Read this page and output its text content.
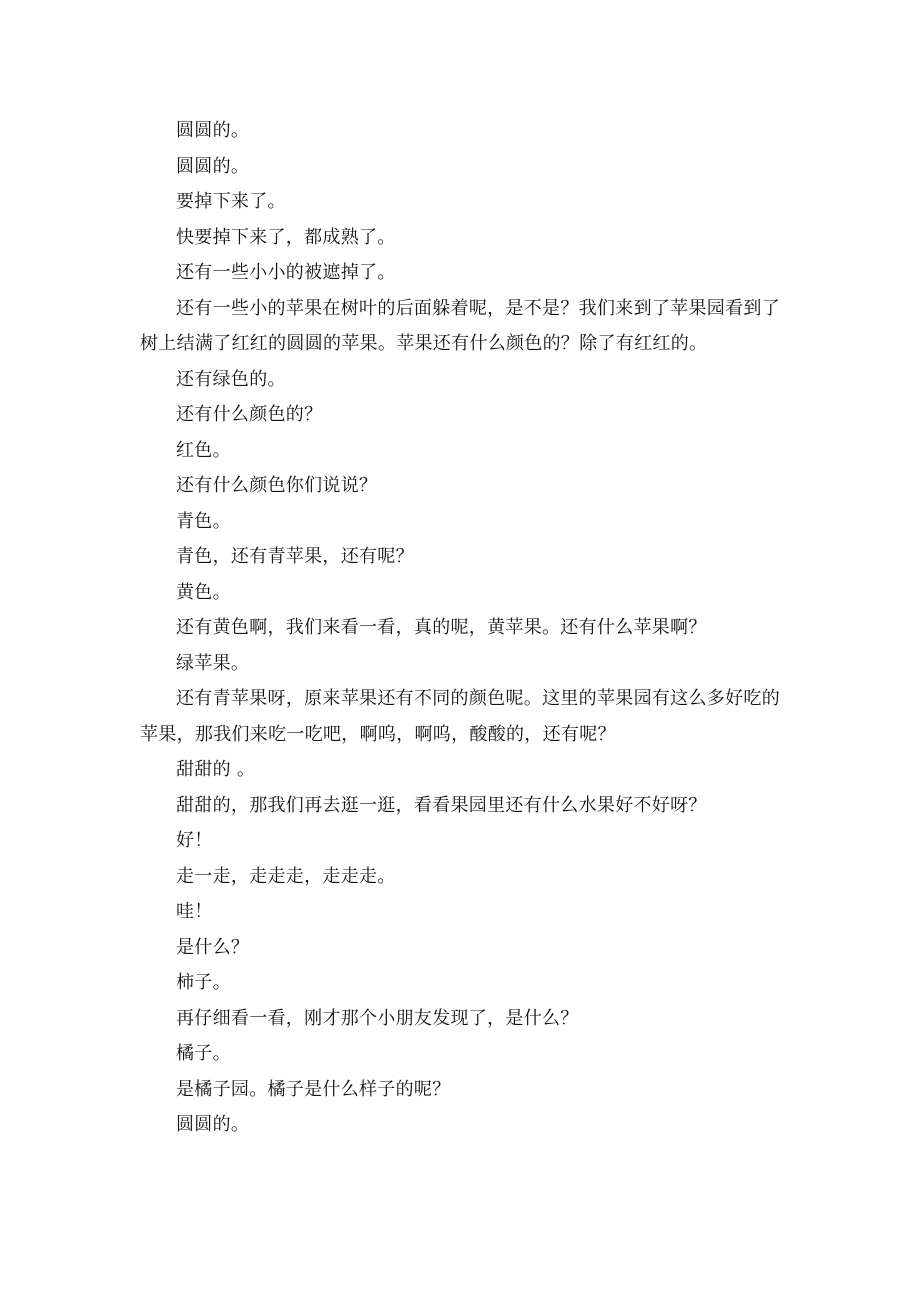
圆圆的。

圆圆的。

要掉下来了。

快要掉下来了，都成熟了。

还有一些小小的被遮掉了。

还有一些小的苹果在树叶的后面躲着呢，是不是？我们来到了苹果园看到了树上结满了红红的圆圆的苹果。苹果还有什么颜色的？除了有红红的。

还有绿色的。

还有什么颜色的？

红色。

还有什么颜色你们说说？

青色。

青色，还有青苹果，还有呢？

黄色。

还有黄色啊，我们来看一看，真的呢，黄苹果。还有什么苹果啊？

绿苹果。

还有青苹果呀，原来苹果还有不同的颜色呢。这里的苹果园有这么多好吃的苹果，那我们来吃一吃吧，啊呜，啊呜，酸酸的，还有呢？

甜甜的 。

甜甜的，那我们再去逛一逛，看看果园里还有什么水果好不好呀？

好！

走一走，走走走，走走走。

哇！

是什么？

柿子。

再仔细看一看，刚才那个小朋友发现了，是什么？

橘子。

是橘子园。橘子是什么样子的呢？

圆圆的。
